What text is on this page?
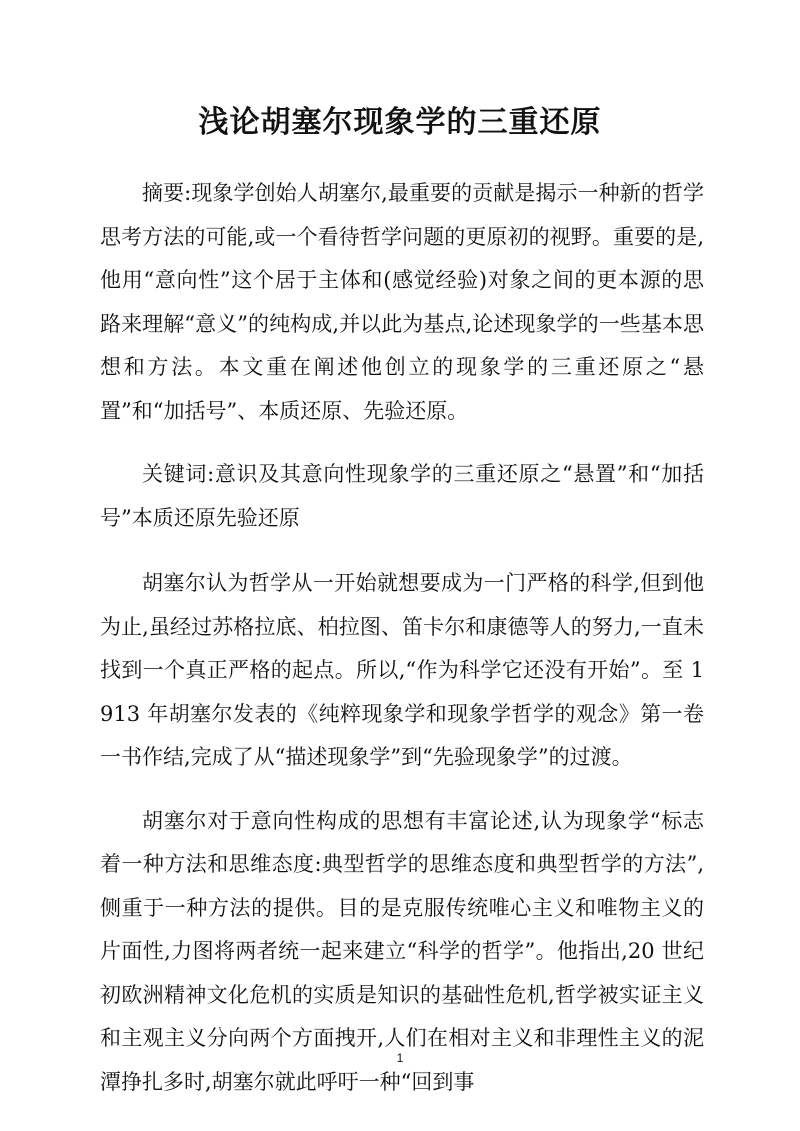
浅论胡塞尔现象学的三重还原

摘要:现象学创始人胡塞尔,最重要的贡献是揭示一种新的哲学思考方法的可能,或一个看待哲学问题的更原初的视野。重要的是,他用“意向性”这个居于主体和(感觉经验)对象之间的更本源的思路来理解“意义”的纯构成,并以此为基点,论述现象学的一些基本思想和方法。本文重在阐述他创立的现象学的三重还原之“悬置”和“加括号”、本质还原、先验还原。

关键词:意识及其意向性现象学的三重还原之“悬置”和“加括号”本质还原先验还原

胡塞尔认为哲学从一开始就想要成为一门严格的科学,但到他为止,虽经过苏格拉底、柏拉图、笛卡尔和康德等人的努力,一直未找到一个真正严格的起点。所以,“作为科学它还没有开始”。至 1913 年胡塞尔发表的《纯粹现象学和现象学哲学的观念》第一卷一书作结,完成了从“描述现象学”到“先验现象学”的过渡。

胡塞尔对于意向性构成的思想有丰富论述,认为现象学“标志着一种方法和思维态度:典型哲学的思维态度和典型哲学的方法”,侧重于一种方法的提供。目的是克服传统唯心主义和唯物主义的片面性,力图将两者统一起来建立“科学的哲学”。他指出,20 世纪初欧洲精神文化危机的实质是知识的基础性危机,哲学被实证主义和主观主义分向两个方面拽开,人们在相对主义和非理性主义的泥潭挣扎多时,胡塞尔就此呼吁一种“回到事

1
